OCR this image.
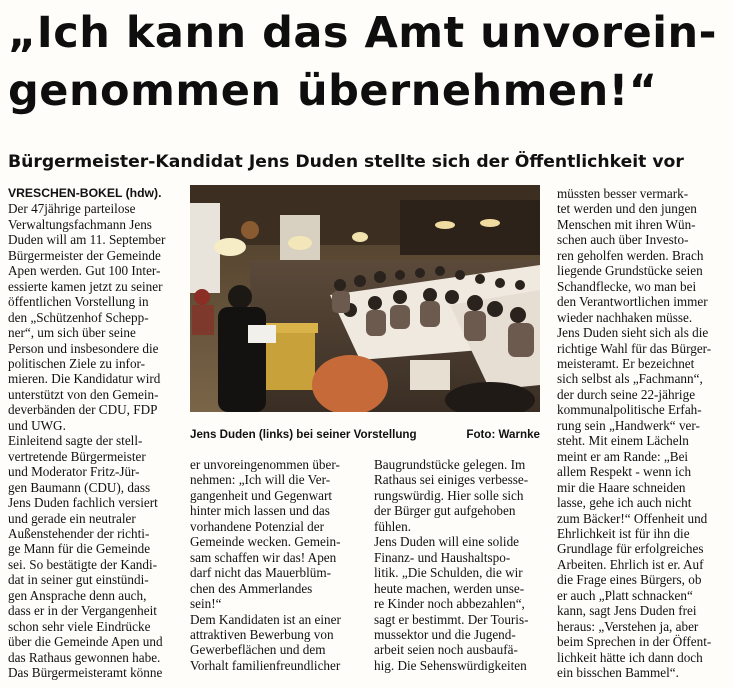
„Ich kann das Amt unvorein-
genommen übernehmen!“
Bürgermeister-Kandidat Jens Duden stellte sich der Öffentlichkeit vor
VRESCHEN-BOKEL (hdw).
Der 47jährige parteilose
Verwaltungsfachmann Jens
Duden will am 11. September
Bürgermeister der Gemeinde
Apen werden. Gut 100 Inter-
essierte kamen jetzt zu seiner
öffentlichen Vorstellung in
den „Schützenhof Schepp-
ner“, um sich über seine
Person und insbesondere die
politischen Ziele zu infor-
mieren. Die Kandidatur wird
unterstützt von den Gemein-
deverbänden der CDU, FDP
und UWG.
Einleitend sagte der stell-
vertretende Bürgermeister
und Moderator Fritz-Jür-
gen Baumann (CDU), dass
Jens Duden fachlich versiert
und gerade ein neutraler
Außenstehender der richti-
ge Mann für die Gemeinde
sei. So bestätigte der Kandi-
dat in seiner gut einstündi-
gen Ansprache denn auch,
dass er in der Vergangenheit
schon sehr viele Eindrücke
über die Gemeinde Apen und
das Rathaus gewonnen habe.
Das Bürgermeisteramt könne
er unvoreingenommen über-
nehmen: „Ich will die Ver-
gangenheit und Gegenwart
hinter mich lassen und das
vorhandene Potenzial der
Gemeinde wecken. Gemein-
sam schaffen wir das! Apen
darf nicht das Mauerblüm-
chen des Ammerlandes
sein!“
Dem Kandidaten ist an einer
attraktiven Bewerbung von
Gewerbeflächen und dem
Vorhalt familienfreundlicher
Baugrundstücke gelegen. Im
Rathaus sei einiges verbesse-
rungswürdig. Hier solle sich
der Bürger gut aufgehoben
fühlen.
Jens Duden will eine solide
Finanz- und Haushaltspo-
litik. „Die Schulden, die wir
heute machen, werden unse-
re Kinder noch abbezahlen“,
sagt er bestimmt. Der Touris-
mussektor und die Jugend-
arbeit seien noch ausbaufä-
hig. Die Sehenswürdigkeiten
müssten besser vermark-
tet werden und den jungen
Menschen mit ihren Wün-
schen auch über Investo-
ren geholfen werden. Brach
liegende Grundstücke seien
Schandflecke, wo man bei
den Verantwortlichen immer
wieder nachhaken müsse.
Jens Duden sieht sich als die
richtige Wahl für das Bürger-
meisteramt. Er bezeichnet
sich selbst als „Fachmann“,
der durch seine 22-jährige
kommunalpolitische Erfah-
rung sein „Handwerk“ ver-
steht. Mit einem Lächeln
meint er am Rande: „Bei
allem Respekt - wenn ich
mir die Haare schneiden
lasse, gehe ich auch nicht
zum Bäcker!“ Offenheit und
Ehrlichkeit ist für ihn die
Grundlage für erfolgreiches
Arbeiten. Ehrlich ist er. Auf
die Frage eines Bürgers, ob
er auch „Platt schnacken“
kann, sagt Jens Duden frei
heraus: „Verstehen ja, aber
beim Sprechen in der Öffent-
lichkeit hätte ich dann doch
ein bisschen Bammel“.
Jens Duden (links) bei seiner Vorstellung	Foto: Warnke
